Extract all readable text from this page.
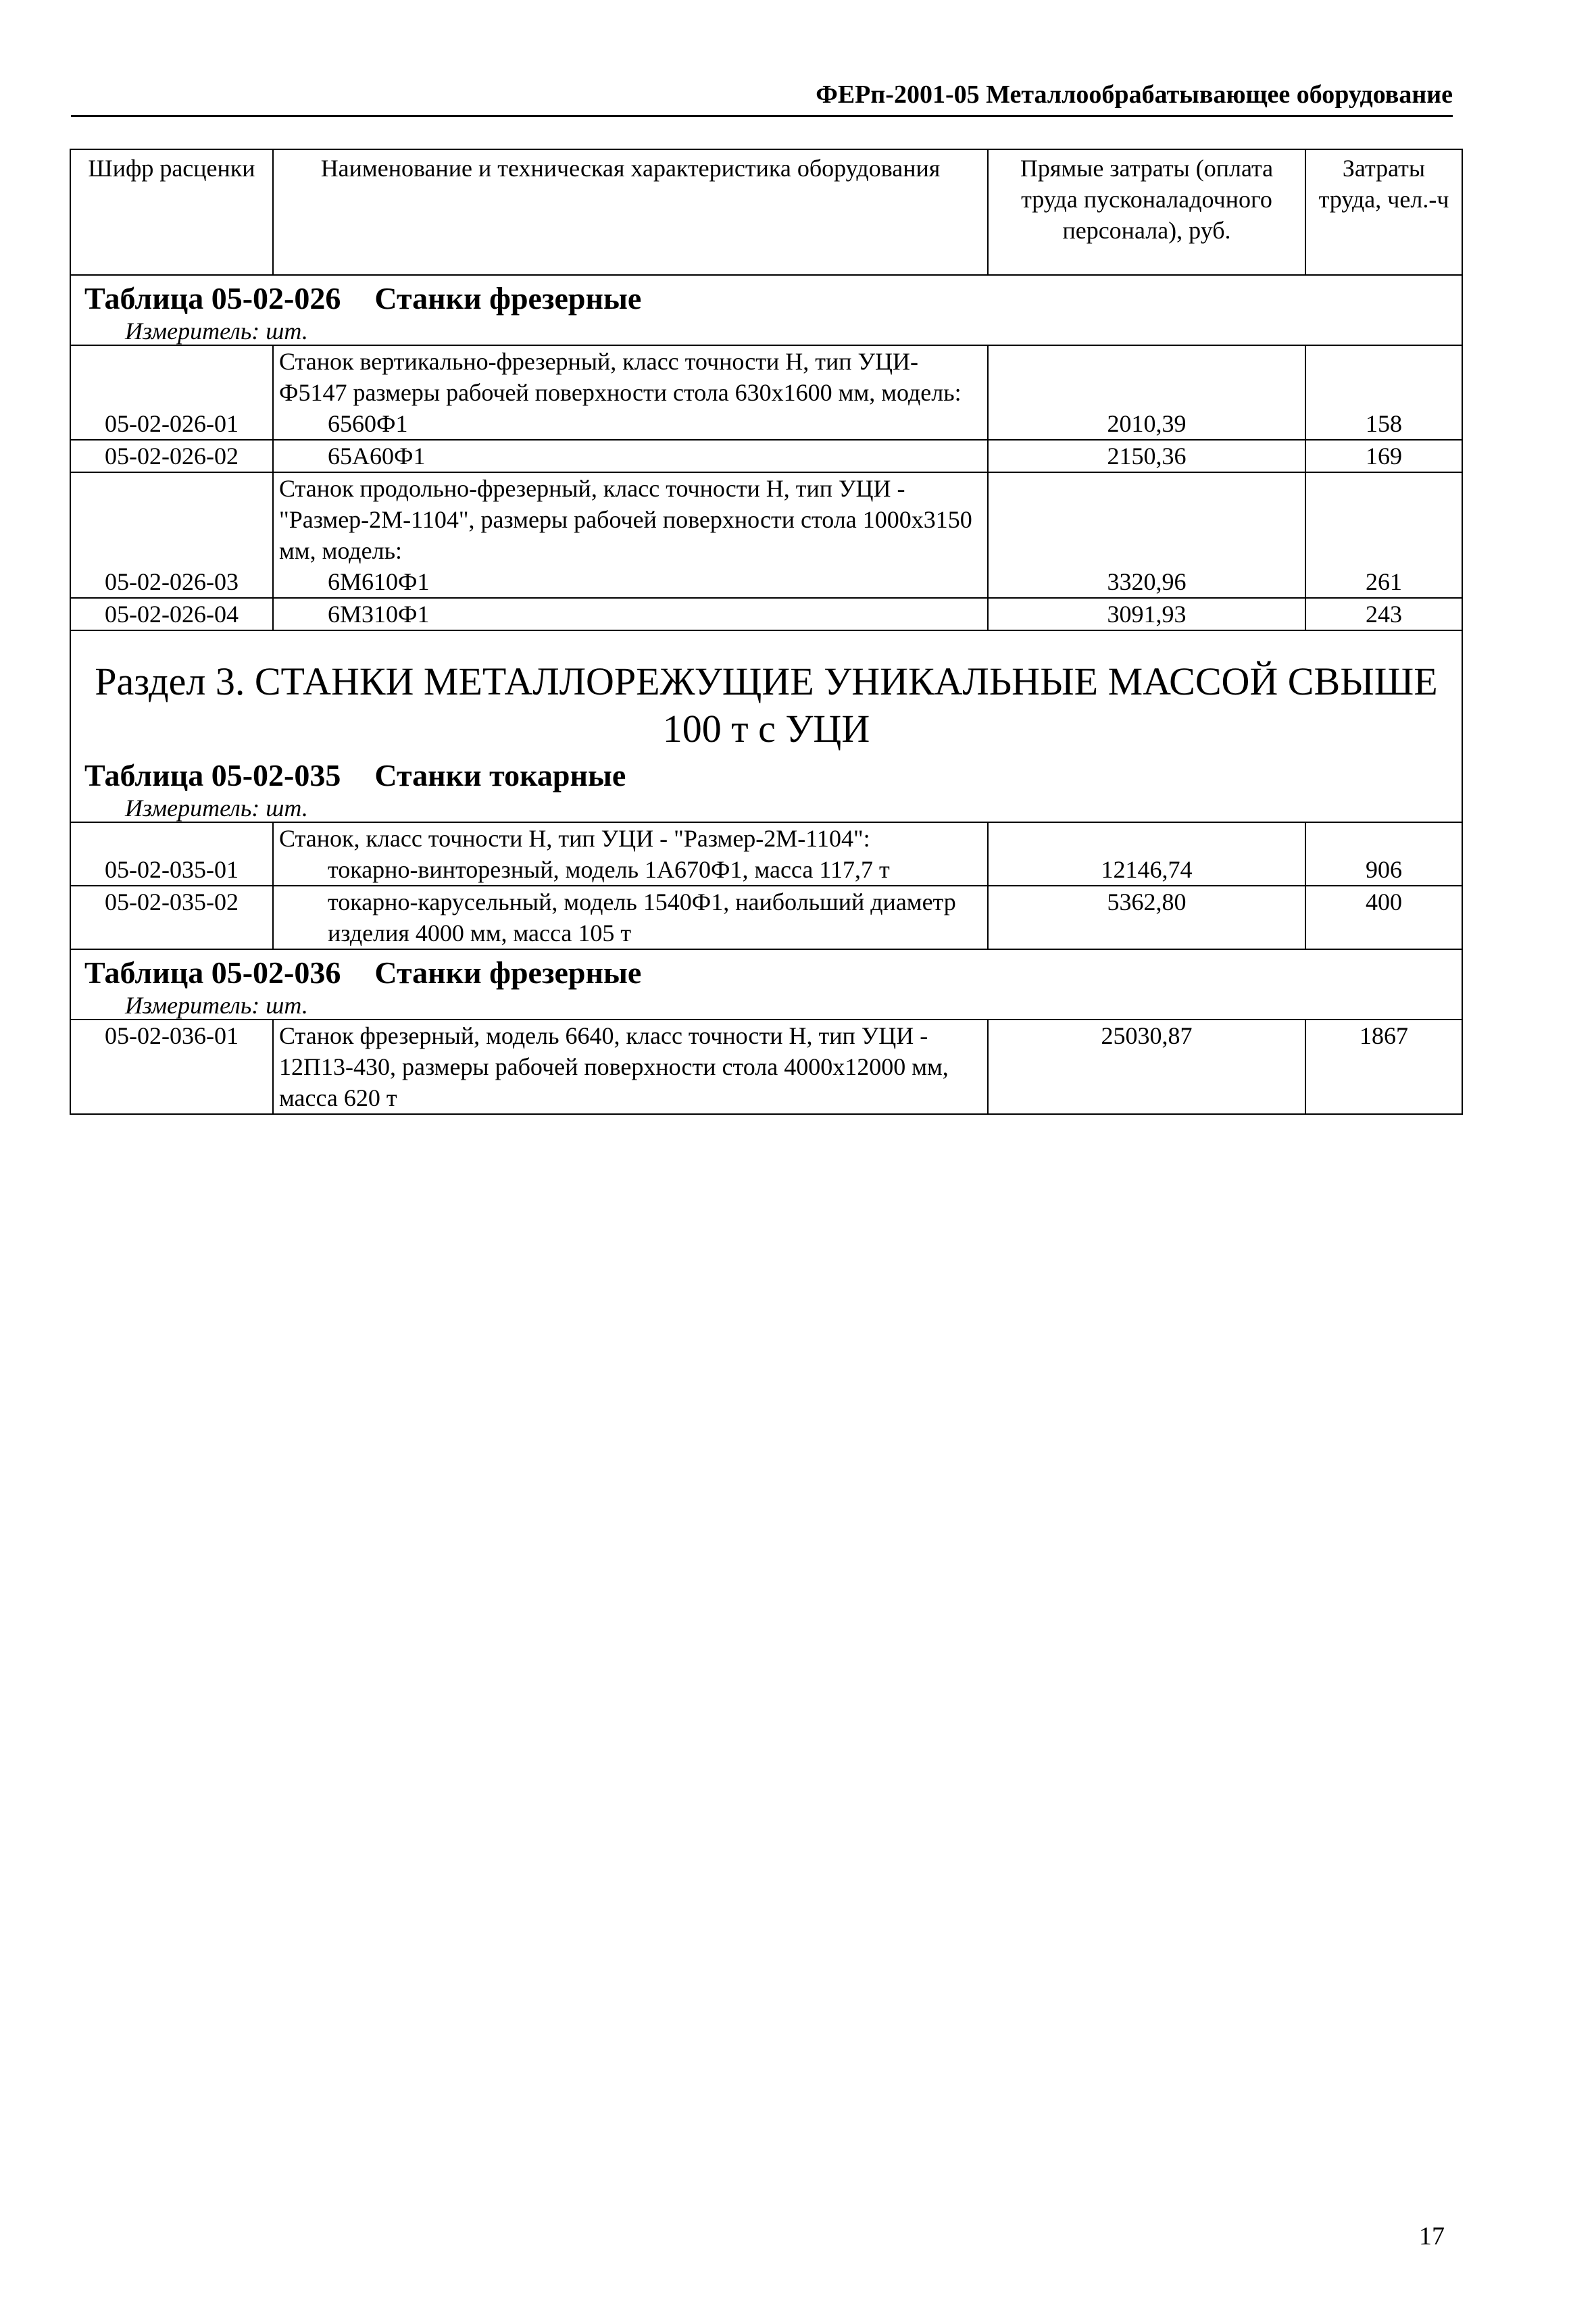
ФЕРп-2001-05 Металлообрабатывающее оборудование
Шифр расценки	Наименование и техническая характеристика оборудования	Прямые затраты (оплата труда пусконаладочного персонала), руб.	Затраты труда, чел.-ч
Таблица 05-02-026 Станки фрезерные			
Измеритель: шт.			
	Станок вертикально-фрезерный, класс точности Н, тип УЦИ-Ф5147 размеры рабочей поверхности стола 630x1600 мм, модель:		
05-02-026-01	6560Ф1	2010,39	158
05-02-026-02	65А60Ф1	2150,36	169
	Станок продольно-фрезерный, класс точности Н, тип УЦИ - "Размер-2М-1104", размеры рабочей поверхности стола 1000x3150 мм, модель:		
05-02-026-03	6М610Ф1	3320,96	261
05-02-026-04	6М310Ф1	3091,93	243
Раздел 3. СТАНКИ МЕТАЛЛОРЕЖУЩИЕ УНИКАЛЬНЫЕ МАССОЙ СВЫШЕ 100 т с УЦИ			
Таблица 05-02-035 Станки токарные			
Измеритель: шт.			
	Станок, класс точности Н, тип УЦИ - "Размер-2М-1104":		
05-02-035-01	токарно-винторезный, модель 1А670Ф1, масса 117,7 т	12146,74	906
05-02-035-02	токарно-карусельный, модель 1540Ф1, наибольший диаметр изделия 4000 мм, масса 105 т	5362,80	400
Таблица 05-02-036 Станки фрезерные			
Измеритель: шт.			
05-02-036-01	Станок фрезерный, модель 6640, класс точности Н, тип УЦИ - 12П13-430, размеры рабочей поверхности стола 4000x12000 мм, масса 620 т	25030,87	1867
17
